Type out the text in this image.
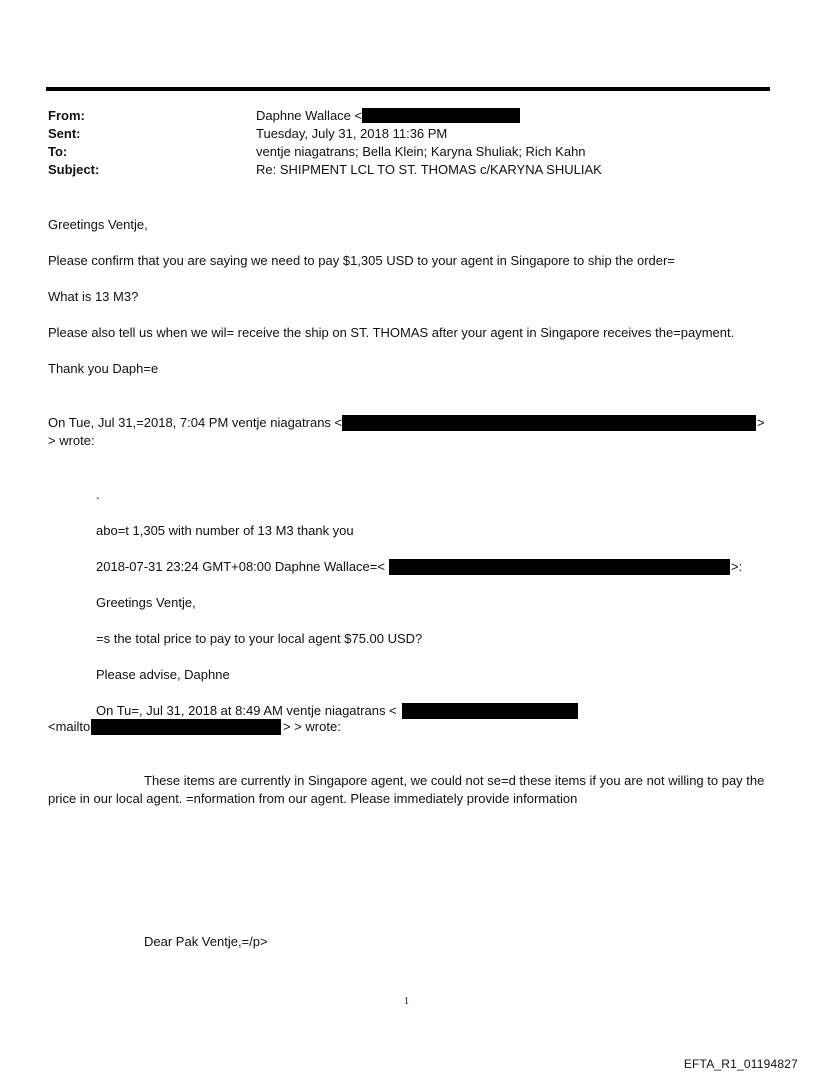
From:	Daphne Wallace <
Sent:	Tuesday, July 31, 2018 11:36 PM
To:	ventje niagatrans; Bella Klein; Karyna Shuliak; Rich Kahn
Subject:	Re: SHIPMENT LCL TO ST. THOMAS c/KARYNA SHULIAK
Greetings Ventje,
Please confirm that you are saying we need to pay $1,305 USD to your agent in Singapore to ship the order=
What is 13 M3?
Please also tell us when we wil= receive the ship on ST. THOMAS after your agent in Singapore receives the=payment.
Thank you Daph=e
On Tue, Jul 31,=2018, 7:04 PM ventje niagatrans <	>
> wrote:
.
abo=t 1,305 with number of 13 M3 thank you
2018-07-31 23:24 GMT+08:00 Daphne Wallace=<	>:
Greetings Ventje,
=s the total price to pay to your local agent $75.00 USD?
Please advise, Daphne
On Tu=, Jul 31, 2018 at 8:49 AM ventje niagatrans <
<mailto	> > wrote:
These items are currently in Singapore agent, we could not se=d these items if you are not willing to pay the price in our local agent. =nformation from our agent. Please immediately provide information
Dear Pak Ventje,=/p>
1
EFTA_R1_01194827
